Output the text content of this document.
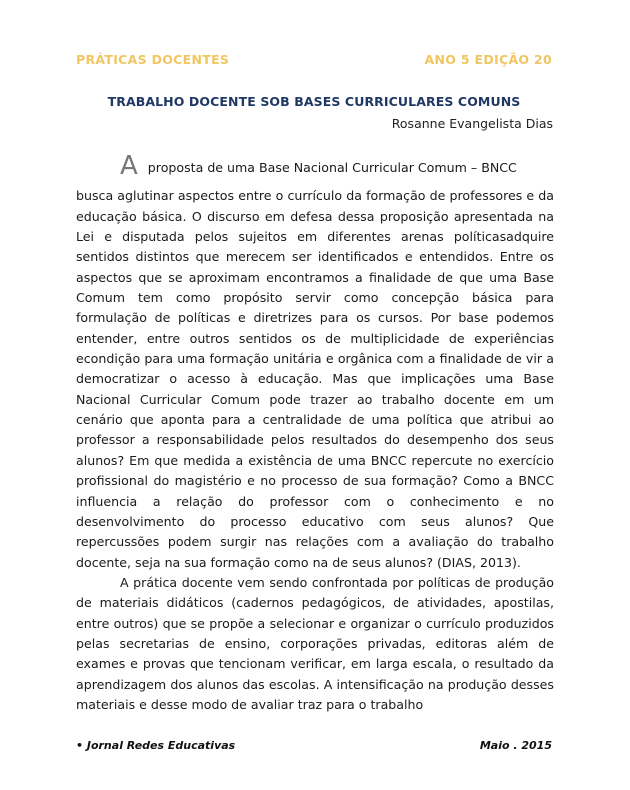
PRÁTICAS DOCENTES	ANO 5 EDIÇÃO 20
TRABALHO DOCENTE SOB BASES CURRICULARES COMUNS
Rosanne Evangelista Dias

Aproposta de uma Base Nacional Curricular Comum – BNCC

busca aglutinar aspectos entre o currículo da formação de professores e da educação básica. O discurso em defesa dessa proposição apresentada na Lei e disputada pelos sujeitos em diferentes arenas políticasadquire sentidos distintos que merecem ser identificados e entendidos. Entre os aspectos que se aproximam encontramos a finalidade de que uma Base Comum tem como propósito servir como concepção básica para formulação de políticas e diretrizes para os cursos. Por base podemos entender, entre outros sentidos os de multiplicidade de experiências econdição para uma formação unitária e orgânica com a finalidade de vir a democratizar o acesso à educação. Mas que implicações uma Base Nacional Curricular Comum pode trazer ao trabalho docente em um cenário que aponta para a centralidade de uma política que atribui ao professor a responsabilidade pelos resultados do desempenho dos seus alunos? Em que medida a existência de uma BNCC repercute no exercício profissional do magistério e no processo de sua formação? Como a BNCC influencia a relação do professor com o conhecimento e no desenvolvimento do processo educativo com seus alunos? Que repercussões podem surgir nas relações com a avaliação do trabalho docente, seja na sua formação como na de seus alunos? (DIAS, 2013).

A prática docente vem sendo confrontada por políticas de produção de materiais didáticos (cadernos pedagógicos, de atividades, apostilas, entre outros) que se propõe a selecionar e organizar o currículo produzidos pelas secretarias de ensino, corporações privadas, editoras além de exames e provas que tencionam verificar, em larga escala, o resultado da aprendizagem dos alunos das escolas. A intensificação na produção desses materiais e desse modo de avaliar traz para o trabalho

• Jornal Redes Educativas	Maio . 2015
